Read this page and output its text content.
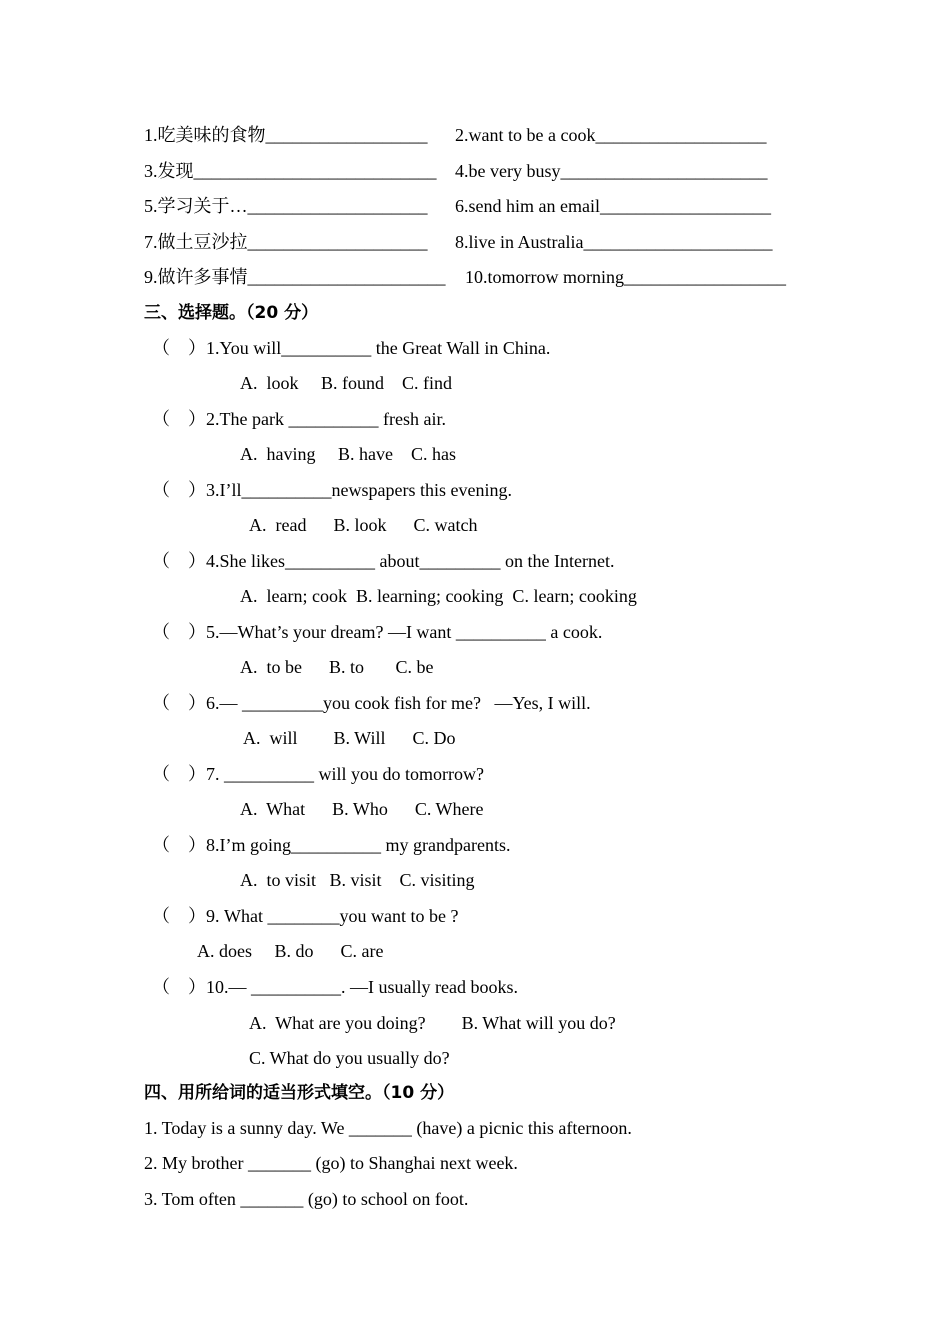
1.吃美味的食物__________________ 2.want to be a cook___________________
3.发现___________________________ 4.be very busy_______________________
5.学习关于…____________________ 6.send him an email___________________
7.做土豆沙拉____________________ 8.live in Australia_____________________
9.做许多事情______________________ 10.tomorrow morning__________________
三、选择题。（20 分）
（    ）1.You will__________ the Great Wall in China.
A.  look     B. found    C. find
（    ）2.The park __________ fresh air.
A.  having     B. have    C. has
（    ）3.I’ll__________newspapers this evening.
A.  read      B. look      C. watch
（    ）4.She likes__________ about_________ on the Internet.
A.  learn; cook  B. learning; cooking  C. learn; cooking
（    ）5.—What’s your dream? —I want __________ a cook.
A.  to be      B. to       C. be
（    ）6.— _________you cook fish for me?   —Yes, I will.
A.  will        B. Will      C. Do
（    ）7. __________ will you do tomorrow?
A.  What      B. Who      C. Where
（    ）8.I’m going__________ my grandparents.
A.  to visit   B. visit    C. visiting
（    ）9. What ________you want to be ?
A. does     B. do      C. are
（    ）10.— __________. —I usually read books.
A.  What are you doing?        B. What will you do?
C. What do you usually do?
四、用所给词的适当形式填空。（10 分）
1. Today is a sunny day. We _______ (have) a picnic this afternoon.
2. My brother _______ (go) to Shanghai next week.
3. Tom often _______ (go) to school on foot.
